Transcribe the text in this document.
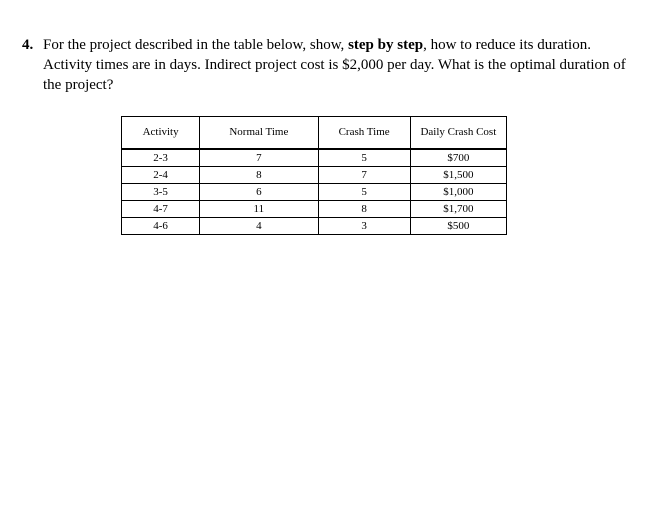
4. For the project described in the table below, show, step by step, how to reduce its duration. Activity times are in days. Indirect project cost is $2,000 per day. What is the optimal duration of the project?
Activity	Normal Time	Crash Time	Daily Crash Cost
2-3	7	5	$700
2-4	8	7	$1,500
3-5	6	5	$1,000
4-7	11	8	$1,700
4-6	4	3	$500
